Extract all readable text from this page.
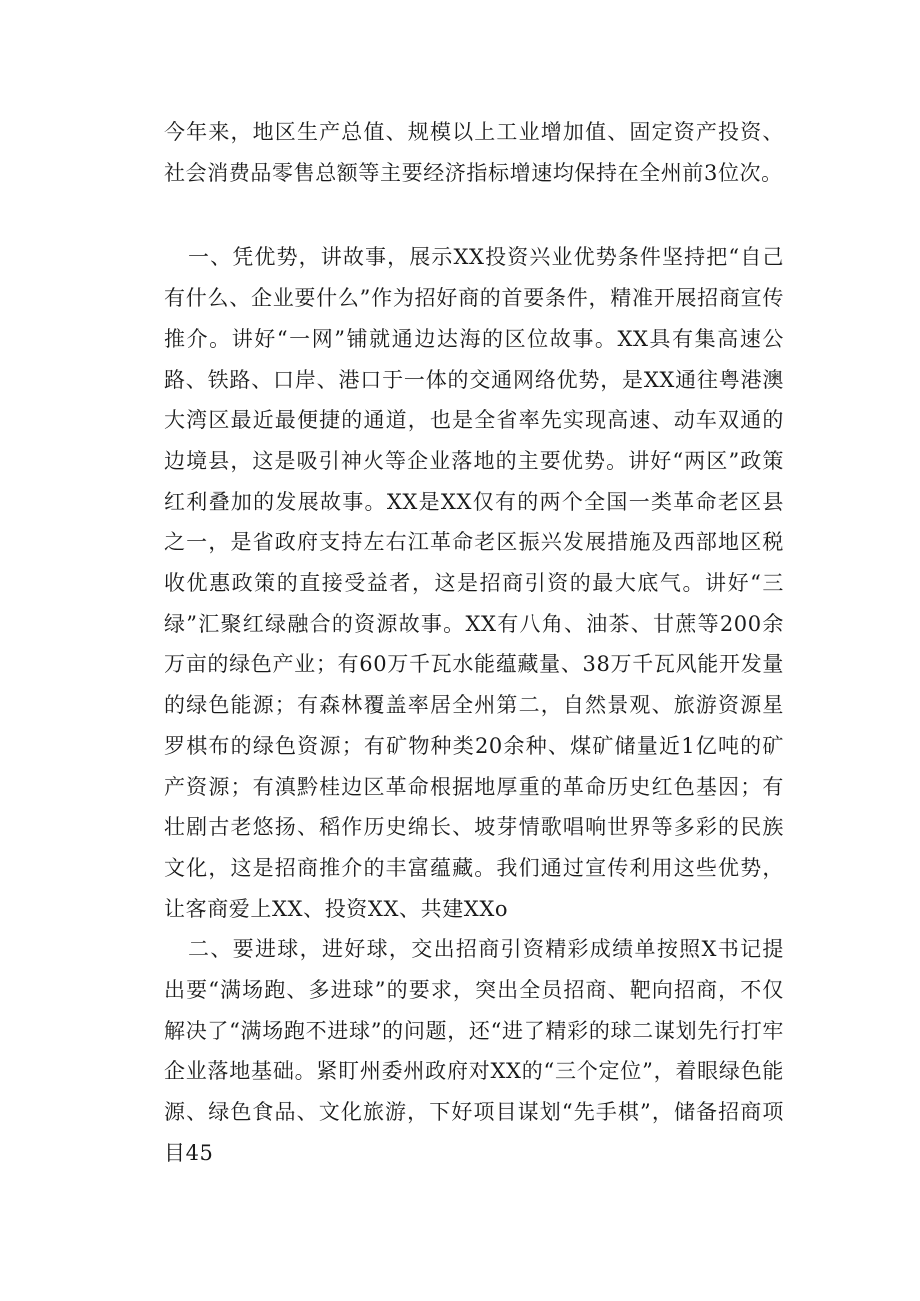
今年来，地区生产总值、规模以上工业增加值、固定资产投资、社会消费品零售总额等主要经济指标增速均保持在全州前3位次。

一、凭优势，讲故事，展示XX投资兴业优势条件坚持把“自己有什么、企业要什么”作为招好商的首要条件，精准开展招商宣传推介。讲好“一网”铺就通边达海的区位故事。XX具有集高速公路、铁路、口岸、港口于一体的交通网络优势，是XX通往粤港澳大湾区最近最便捷的通道，也是全省率先实现高速、动车双通的边境县，这是吸引神火等企业落地的主要优势。讲好“两区”政策红利叠加的发展故事。XX是XX仅有的两个全国一类革命老区县之一，是省政府支持左右江革命老区振兴发展措施及西部地区税收优惠政策的直接受益者，这是招商引资的最大底气。讲好“三绿”汇聚红绿融合的资源故事。XX有八角、油茶、甘蔗等200余万亩的绿色产业；有60万千瓦水能蕴藏量、38万千瓦风能开发量的绿色能源；有森林覆盖率居全州第二，自然景观、旅游资源星罗棋布的绿色资源；有矿物种类20余种、煤矿储量近1亿吨的矿产资源；有滇黔桂边区革命根据地厚重的革命历史红色基因；有壮剧古老悠扬、稻作历史绵长、坡芽情歌唱响世界等多彩的民族文化，这是招商推介的丰富蕴藏。我们通过宣传利用这些优势，让客商爱上XX、投资XX、共建XXo

二、要进球，进好球，交出招商引资精彩成绩单按照X书记提出要“满场跑、多进球”的要求，突出全员招商、靶向招商，不仅解决了“满场跑不进球”的问题，还“进了精彩的球二谋划先行打牢企业落地基础。紧盯州委州政府对XX的“三个定位”，着眼绿色能源、绿色食品、文化旅游，下好项目谋划“先手棋”，储备招商项目45
